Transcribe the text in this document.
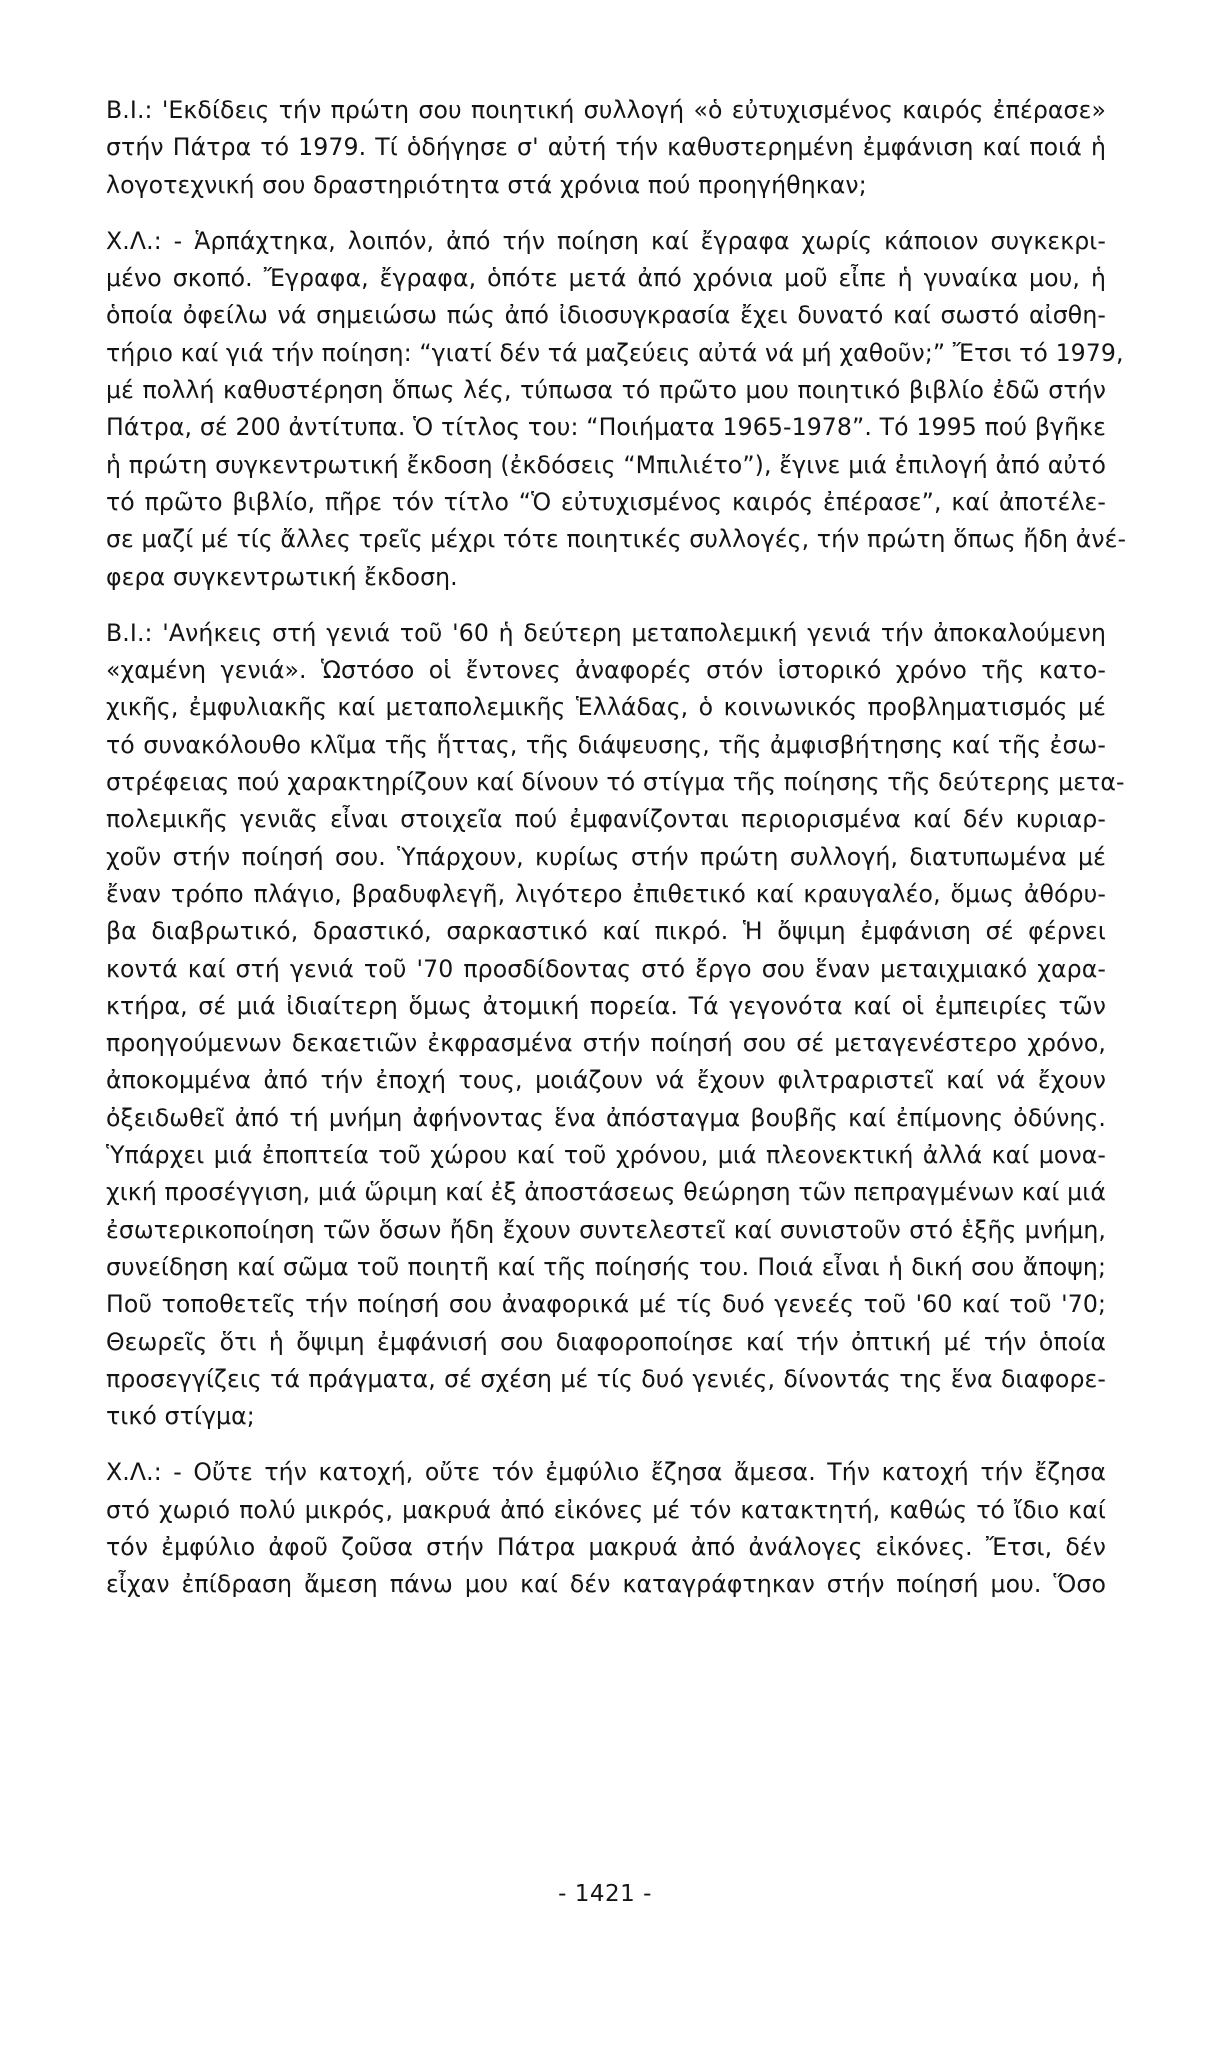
Β.Ι.: 'Εκδίδεις τήν πρώτη σου ποιητική συλλογή «ὁ εὐτυχισμένος καιρός ἐπέρασε»
στήν Πάτρα τό 1979. Τί ὁδήγησε σ' αὐτή τήν καθυστερημένη ἐμφάνιση καί ποιά ἡ
λογοτεχνική σου δραστηριότητα στά χρόνια πού προηγήθηκαν;
Χ.Λ.: - Ἁρπάχτηκα, λοιπόν, ἀπό τήν ποίηση καί ἔγραφα χωρίς κάποιον συγκεκρι-
μένο σκοπό. Ἔγραφα, ἔγραφα, ὁπότε μετά ἀπό χρόνια μοῦ εἶπε ἡ γυναίκα μου, ἡ
ὁποία ὀφείλω νά σημειώσω πώς ἀπό ἰδιοσυγκρασία ἔχει δυνατό καί σωστό αἰσθη-
τήριο καί γιά τήν ποίηση: “γιατί δέν τά μαζεύεις αὐτά νά μή χαθοῦν;” Ἔτσι τό 1979,
μέ πολλή καθυστέρηση ὅπως λές, τύπωσα τό πρῶτο μου ποιητικό βιβλίο ἐδῶ στήν
Πάτρα, σέ 200 ἀντίτυπα. Ὁ τίτλος του: “Ποιήματα 1965-1978”. Τό 1995 πού βγῆκε
ἡ πρώτη συγκεντρωτική ἔκδοση (ἐκδόσεις “Μπιλιέτο”), ἔγινε μιά ἐπιλογή ἀπό αὐτό
τό πρῶτο βιβλίο, πῆρε τόν τίτλο “Ὁ εὐτυχισμένος καιρός ἐπέρασε”, καί ἀποτέλε-
σε μαζί μέ τίς ἄλλες τρεῖς μέχρι τότε ποιητικές συλλογές, τήν πρώτη ὅπως ἤδη ἀνέ-
φερα συγκεντρωτική ἔκδοση.
Β.Ι.: 'Ανήκεις στή γενιά τοῦ '60 ἡ δεύτερη μεταπολεμική γενιά τήν ἀποκαλούμενη
«χαμένη γενιά». Ὡστόσο οἱ ἔντονες ἀναφορές στόν ἱστορικό χρόνο τῆς κατο-
χικῆς, ἐμφυλιακῆς καί μεταπολεμικῆς Ἑλλάδας, ὁ κοινωνικός προβληματισμός μέ
τό συνακόλουθο κλῖμα τῆς ἥττας, τῆς διάψευσης, τῆς ἀμφισβήτησης καί τῆς ἐσω-
στρέφειας πού χαρακτηρίζουν καί δίνουν τό στίγμα τῆς ποίησης τῆς δεύτερης μετα-
πολεμικῆς γενιᾶς εἶναι στοιχεῖα πού ἐμφανίζονται περιορισμένα καί δέν κυριαρ-
χοῦν στήν ποίησή σου. Ὑπάρχουν, κυρίως στήν πρώτη συλλογή, διατυπωμένα μέ
ἔναν τρόπο πλάγιο, βραδυφλεγῆ, λιγότερο ἐπιθετικό καί κραυγαλέο, ὅμως ἀθόρυ-
βα διαβρωτικό, δραστικό, σαρκαστικό καί πικρό. Ἡ ὄψιμη ἐμφάνιση σέ φέρνει
κοντά καί στή γενιά τοῦ '70 προσδίδοντας στό ἔργο σου ἕναν μεταιχμιακό χαρα-
κτήρα, σέ μιά ἰδιαίτερη ὅμως ἀτομική πορεία. Τά γεγονότα καί οἱ ἐμπειρίες τῶν
προηγούμενων δεκαετιῶν ἐκφρασμένα στήν ποίησή σου σέ μεταγενέστερο χρόνο,
ἀποκομμένα ἀπό τήν ἐποχή τους, μοιάζουν νά ἔχουν φιλτραριστεῖ καί νά ἔχουν
ὀξειδωθεῖ ἀπό τή μνήμη ἀφήνοντας ἕνα ἀπόσταγμα βουβῆς καί ἐπίμονης ὀδύνης.
Ὑπάρχει μιά ἐποπτεία τοῦ χώρου καί τοῦ χρόνου, μιά πλεονεκτική ἀλλά καί μονα-
χική προσέγγιση, μιά ὥριμη καί ἐξ ἀποστάσεως θεώρηση τῶν πεπραγμένων καί μιά
ἐσωτερικοποίηση τῶν ὅσων ἤδη ἔχουν συντελεστεῖ καί συνιστοῦν στό ἑξῆς μνήμη,
συνείδηση καί σῶμα τοῦ ποιητῆ καί τῆς ποίησής του. Ποιά εἶναι ἡ δική σου ἄποψη;
Ποῦ τοποθετεῖς τήν ποίησή σου ἀναφορικά μέ τίς δυό γενεές τοῦ '60 καί τοῦ '70;
Θεωρεῖς ὅτι ἡ ὄψιμη ἐμφάνισή σου διαφοροποίησε καί τήν ὀπτική μέ τήν ὁποία
προσεγγίζεις τά πράγματα, σέ σχέση μέ τίς δυό γενιές, δίνοντάς της ἕνα διαφορε-
τικό στίγμα;
Χ.Λ.: - Οὔτε τήν κατοχή, οὔτε τόν ἐμφύλιο ἔζησα ἄμεσα. Τήν κατοχή τήν ἔζησα
στό χωριό πολύ μικρός, μακρυά ἀπό εἰκόνες μέ τόν κατακτητή, καθώς τό ἴδιο καί
τόν ἐμφύλιο ἀφοῦ ζοῦσα στήν Πάτρα μακρυά ἀπό ἀνάλογες εἰκόνες. Ἔτσι, δέν
εἶχαν ἐπίδραση ἄμεση πάνω μου καί δέν καταγράφτηκαν στήν ποίησή μου. Ὅσο
- 1421 -
